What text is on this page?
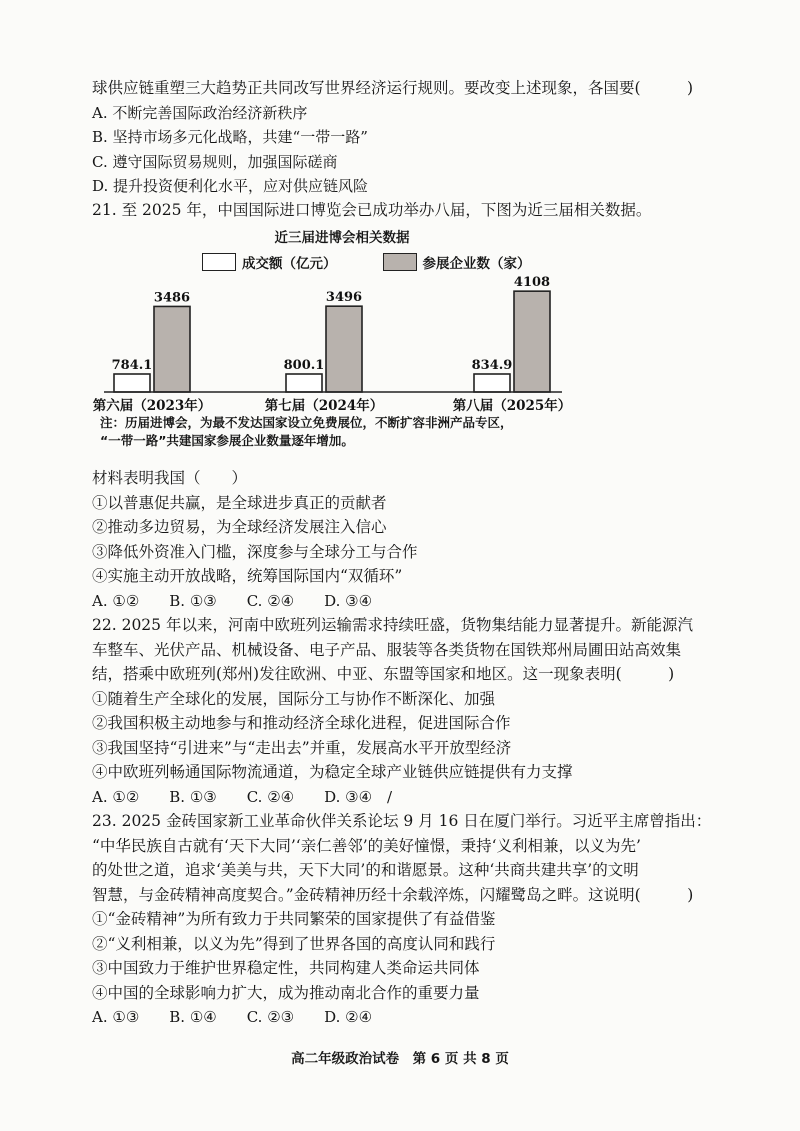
球供应链重塑三大趋势正共同改写世界经济运行规则。要改变上述现象，各国要(　　　)
A. 不断完善国际政治经济新秩序
B. 坚持市场多元化战略，共建“一带一路”
C. 遵守国际贸易规则，加强国际磋商
D. 提升投资便利化水平，应对供应链风险
21. 至 2025 年，中国国际进口博览会已成功举办八届，下图为近三届相关数据。
近三届进博会相关数据
成交额（亿元）	参展企业数（家）
784.1
3486
第六届（2023年）
800.1
3496
第七届（2024年）
834.9
4108
第八届（2025年）
注：历届进博会，为最不发达国家设立免费展位，不断扩容非洲产品专区，
“一带一路”共建国家参展企业数量逐年增加。
材料表明我国（　　）
①以普惠促共赢，是全球进步真正的贡献者
②推动多边贸易，为全球经济发展注入信心
③降低外资准入门槛，深度参与全球分工与合作
④实施主动开放战略，统筹国际国内“双循环”
A. ①②　　B. ①③　　C. ②④　　D. ③④
22. 2025 年以来，河南中欧班列运输需求持续旺盛，货物集结能力显著提升。新能源汽
车整车、光伏产品、机械设备、电子产品、服装等各类货物在国铁郑州局圃田站高效集
结，搭乘中欧班列(郑州)发往欧洲、中亚、东盟等国家和地区。这一现象表明(　　　)
①随着生产全球化的发展，国际分工与协作不断深化、加强
②我国积极主动地参与和推动经济全球化进程，促进国际合作
③我国坚持“引进来”与“走出去”并重，发展高水平开放型经济
④中欧班列畅通国际物流通道，为稳定全球产业链供应链提供有力支撑
A. ①②　　B. ①③　　C. ②④　　D. ③④　/
23. 2025 金砖国家新工业革命伙伴关系论坛 9 月 16 日在厦门举行。习近平主席曾指出：
“中华民族自古就有‘天下大同’‘亲仁善邻’的美好憧憬，秉持‘义利相兼，以义为先’
的处世之道，追求‘美美与共，天下大同’的和谐愿景。这种‘共商共建共享’的文明
智慧，与金砖精神高度契合。”金砖精神历经十余载淬炼，闪耀鹭岛之畔。这说明(　　　)
①“金砖精神”为所有致力于共同繁荣的国家提供了有益借鉴
②“义利相兼，以义为先”得到了世界各国的高度认同和践行
③中国致力于维护世界稳定性，共同构建人类命运共同体
④中国的全球影响力扩大，成为推动南北合作的重要力量
A. ①③　　B. ①④　　C. ②③　　D. ②④
高二年级政治试卷　第 6 页 共 8 页
